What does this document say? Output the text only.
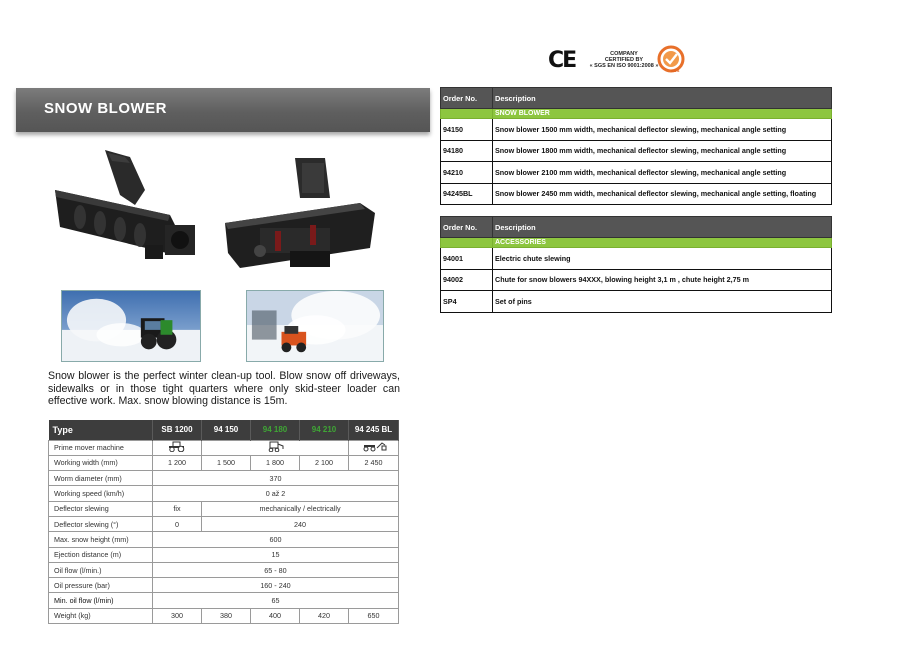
CE	COMPANY
CERTIFIED BY
« SGS EN ISO 9001:2008 »
SGS
SNOW BLOWER

Snow blower is the perfect winter clean-up tool. Blow snow off driveways, sidewalks or in those tight quarters where only skid-steer loader can effective work. Max. snow blowing distance is 15m.

Type	SB 1200	94 150	94 180	94 210	94 245 BL
Prime mover machine			
Working width (mm)	1 200	1 500	1 800	2 100	2 450
Worm diameter (mm)	370				
Working speed (km/h)	0 až 2				
Deflector slewing	fix	mechanically / electrically			
Deflector slewing (°)	0	240			
Max. snow height (mm)	600				
Ejection distance (m)	15				
Oil flow (l/min.)	65 - 80				
Oil pressure (bar)	160 - 240				
Min. oil flow (l/min)	65				
Weight (kg)	300	380	400	420	650
Order No.	Description
	SNOW BLOWER
94150	Snow blower 1500 mm width, mechanical deflector slewing, mechanical angle setting
94180	Snow blower 1800 mm width, mechanical deflector slewing, mechanical angle setting
94210	Snow blower 2100 mm width, mechanical deflector slewing, mechanical angle setting
94245BL	Snow blower 2450 mm width, mechanical deflector slewing, mechanical angle setting, floating
Order No.	Description
	ACCESSORIES
94001	Electric chute slewing
94002	Chute for snow blowers 94XXX, blowing height 3,1 m , chute height 2,75 m
SP4	Set of pins
